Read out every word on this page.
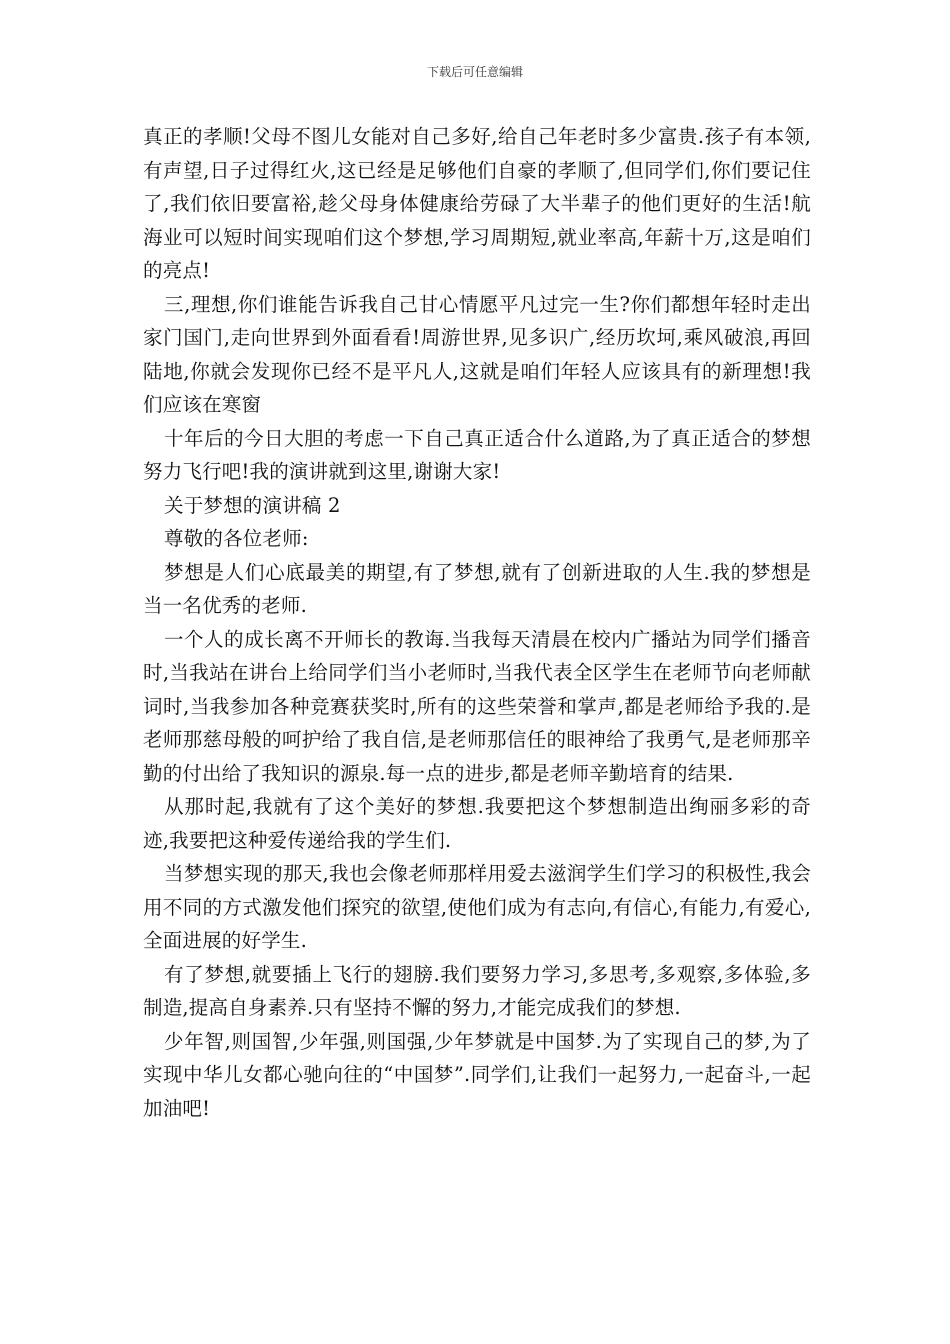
下载后可任意编辑

真正的孝顺!父母不图儿女能对自己多好,给自己年老时多少富贵.孩子有本领,有声望,日子过得红火,这已经是足够他们自豪的孝顺了,但同学们,你们要记住了,我们依旧要富裕,趁父母身体健康给劳碌了大半辈子的他们更好的生活!航海业可以短时间实现咱们这个梦想,学习周期短,就业率高,年薪十万,这是咱们的亮点!

三,理想,你们谁能告诉我自己甘心情愿平凡过完一生?你们都想年轻时走出家门国门,走向世界到外面看看!周游世界,见多识广,经历坎坷,乘风破浪,再回陆地,你就会发现你已经不是平凡人,这就是咱们年轻人应该具有的新理想!我们应该在寒窗

十年后的今日大胆的考虑一下自己真正适合什么道路,为了真正适合的梦想努力飞行吧!我的演讲就到这里,谢谢大家!

关于梦想的演讲稿 2

尊敬的各位老师:

梦想是人们心底最美的期望,有了梦想,就有了创新进取的人生.我的梦想是当一名优秀的老师.

一个人的成长离不开师长的教诲.当我每天清晨在校内广播站为同学们播音时,当我站在讲台上给同学们当小老师时,当我代表全区学生在老师节向老师献词时,当我参加各种竞赛获奖时,所有的这些荣誉和掌声,都是老师给予我的.是老师那慈母般的呵护给了我自信,是老师那信任的眼神给了我勇气,是老师那辛勤的付出给了我知识的源泉.每一点的进步,都是老师辛勤培育的结果.

从那时起,我就有了这个美好的梦想.我要把这个梦想制造出绚丽多彩的奇迹,我要把这种爱传递给我的学生们.

当梦想实现的那天,我也会像老师那样用爱去滋润学生们学习的积极性,我会用不同的方式激发他们探究的欲望,使他们成为有志向,有信心,有能力,有爱心,全面进展的好学生.

有了梦想,就要插上飞行的翅膀.我们要努力学习,多思考,多观察,多体验,多制造,提高自身素养.只有坚持不懈的努力,才能完成我们的梦想.

少年智,则国智,少年强,则国强,少年梦就是中国梦.为了实现自己的梦,为了实现中华儿女都心驰向往的“中国梦”.同学们,让我们一起努力,一起奋斗,一起加油吧!
